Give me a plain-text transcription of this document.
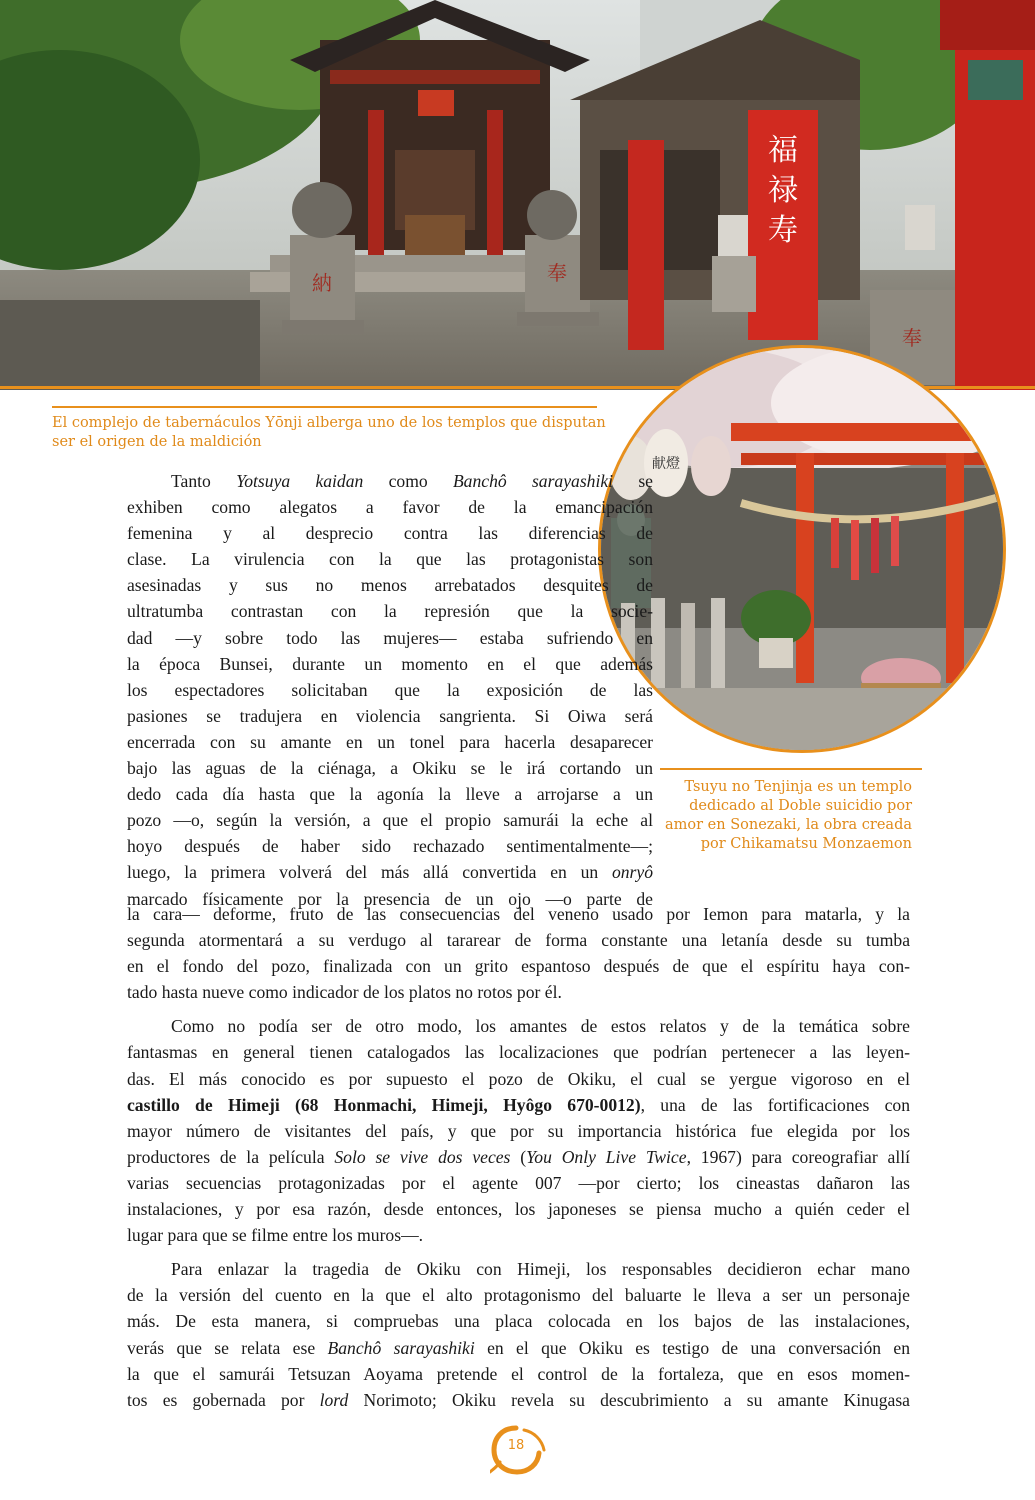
納	奉
福
禄
寿
奉
El complejo de tabernáculos Yōnji alberga uno de los templos que disputan ser el origen de la maldición
献燈
Tsuyu no Tenjinja es un templo
dedicado al Doble suicidio por
amor en Sonezaki, la obra creada
por Chikamatsu Monzaemon
Tanto Yotsuya kaidan como Banchô sarayashiki se
exhiben como alegatos a favor de la emancipación
femenina y al desprecio contra las diferencias de
clase. La virulencia con la que las protagonistas son
asesinadas y sus no menos arrebatados desquites de
ultratumba contrastan con la represión que la socie-
dad —y sobre todo las mujeres— estaba sufriendo en
la época Bunsei, durante un momento en el que además
los espectadores solicitaban que la exposición de las
pasiones se tradujera en violencia sangrienta. Si Oiwa será
encerrada con su amante en un tonel para hacerla desaparecer
bajo las aguas de la ciénaga, a Okiku se le irá cortando un
dedo cada día hasta que la agonía la lleve a arrojarse a un
pozo —o, según la versión, a que el propio samurái la eche al
hoyo después de haber sido rechazado sentimentalmente—;
luego, la primera volverá del más allá convertida en un onryô
marcado físicamente por la presencia de un ojo —o parte de
la cara— deforme, fruto de las consecuencias del veneno usado por Iemon para matarla, y la
segunda atormentará a su verdugo al tararear de forma constante una letanía desde su tumba
en el fondo del pozo, finalizada con un grito espantoso después de que el espíritu haya con-
tado hasta nueve como indicador de los platos no rotos por él.
Como no podía ser de otro modo, los amantes de estos relatos y de la temática sobre
fantasmas en general tienen catalogados las localizaciones que podrían pertenecer a las leyen-
das. El más conocido es por supuesto el pozo de Okiku, el cual se yergue vigoroso en el
castillo de Himeji (68 Honmachi, Himeji, Hyôgo 670-0012), una de las fortificaciones con
mayor número de visitantes del país, y que por su importancia histórica fue elegida por los
productores de la película Solo se vive dos veces (You Only Live Twice, 1967) para coreografiar allí
varias secuencias protagonizadas por el agente 007 —por cierto; los cineastas dañaron las
instalaciones, y por esa razón, desde entonces, los japoneses se piensa mucho a quién ceder el
lugar para que se filme entre los muros—.
Para enlazar la tragedia de Okiku con Himeji, los responsables decidieron echar mano
de la versión del cuento en la que el alto protagonismo del baluarte le lleva a ser un personaje
más. De esta manera, si compruebas una placa colocada en los bajos de las instalaciones,
verás que se relata ese Banchô sarayashiki en el que Okiku es testigo de una conversación en
la que el samurái Tetsuzan Aoyama pretende el control de la fortaleza, que en esos momen-
tos es gobernada por lord Norimoto; Okiku revela su descubrimiento a su amante Kinugasa
18
